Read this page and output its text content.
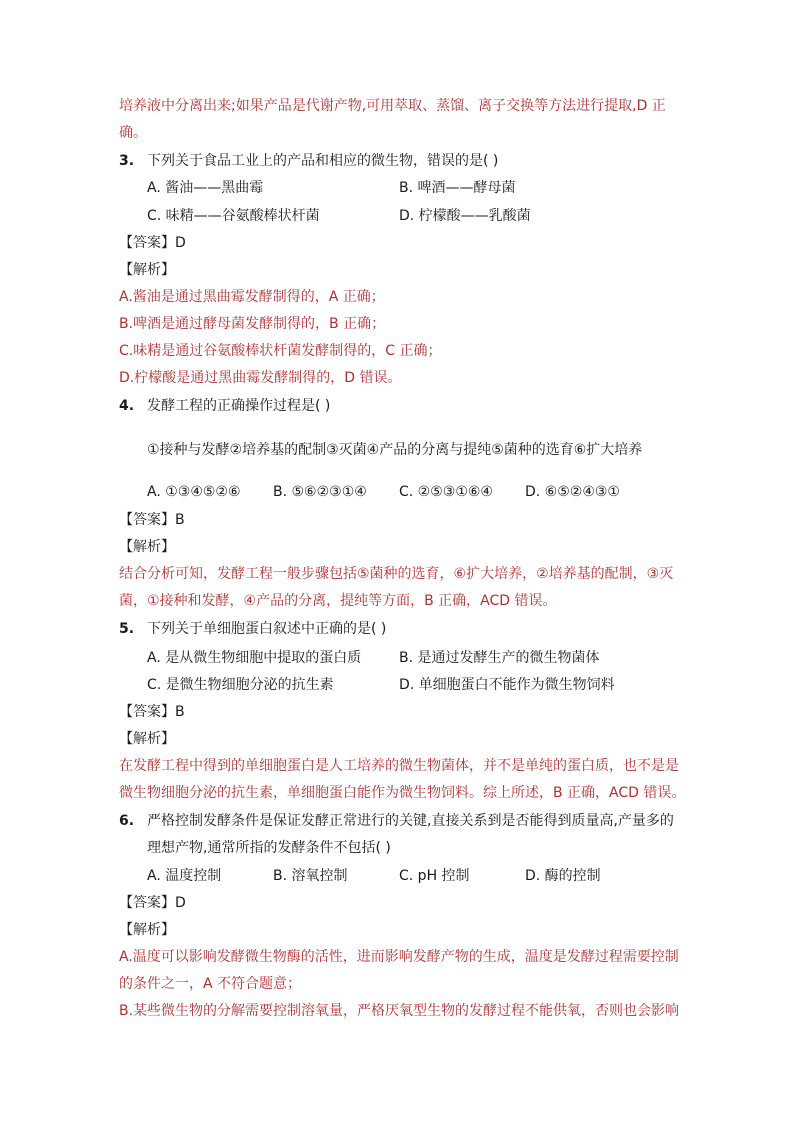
培养液中分离出来;如果产品是代谢产物,可用萃取、蒸馏、离子交换等方法进行提取,D 正
确。
3. 下列关于食品工业上的产品和相应的微生物，错误的是( )
A. 酱油——黑曲霉	B. 啤酒——酵母菌
C. 味精——谷氨酸棒状杆菌	D. 柠檬酸——乳酸菌
【答案】D
【解析】
A.酱油是通过黑曲霉发酵制得的，A 正确；
B.啤酒是通过酵母菌发酵制得的，B 正确；
C.味精是通过谷氨酸棒状杆菌发酵制得的，C 正确；
D.柠檬酸是通过黑曲霉发酵制得的，D 错误。
4. 发酵工程的正确操作过程是( )
①接种与发酵②培养基的配制③灭菌④产品的分离与提纯⑤菌种的选育⑥扩大培养
A. ①③④⑤②⑥ B. ⑤⑥②③①④ C. ②⑤③①⑥④ D. ⑥⑤②④③①
【答案】B
【解析】
结合分析可知，发酵工程一般步骤包括⑤菌种的选育，⑥扩大培养，②培养基的配制，③灭
菌，①接种和发酵，④产品的分离，提纯等方面，B 正确，ACD 错误。
5. 下列关于单细胞蛋白叙述中正确的是( )
A. 是从微生物细胞中提取的蛋白质	B. 是通过发酵生产的微生物菌体
C. 是微生物细胞分泌的抗生素	D. 单细胞蛋白不能作为微生物饲料
【答案】B
【解析】
在发酵工程中得到的单细胞蛋白是人工培养的微生物菌体，并不是单纯的蛋白质，也不是是
微生物细胞分泌的抗生素，单细胞蛋白能作为微生物饲料。综上所述，B 正确，ACD 错误。
6. 严格控制发酵条件是保证发酵正常进行的关键,直接关系到是否能得到质量高,产量多的
理想产物,通常所指的发酵条件不包括( )
A. 温度控制	B. 溶氧控制	C. pH 控制	D. 酶的控制
【答案】D
【解析】
A.温度可以影响发酵微生物酶的活性，进而影响发酵产物的生成，温度是发酵过程需要控制
的条件之一，A 不符合题意；
B.某些微生物的分解需要控制溶氧量，严格厌氧型生物的发酵过程不能供氧，否则也会影响
